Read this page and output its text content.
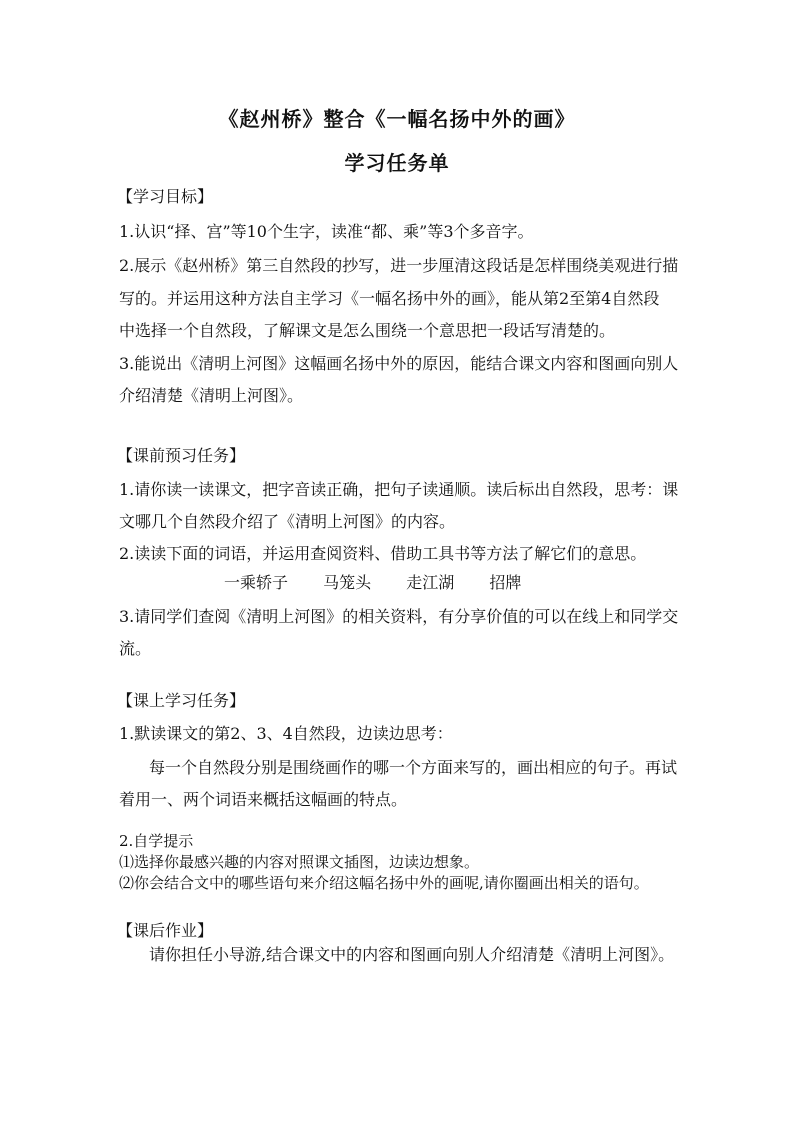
《赵州桥》整合《一幅名扬中外的画》
学习任务单
【学习目标】
1.认识“择、宫”等10个生字，读准“都、乘”等3个多音字。
2.展示《赵州桥》第三自然段的抄写，进一步厘清这段话是怎样围绕美观进行描
写的。并运用这种方法自主学习《一幅名扬中外的画》，能从第2至第4自然段
中选择一个自然段，了解课文是怎么围绕一个意思把一段话写清楚的。
3.能说出《清明上河图》这幅画名扬中外的原因，能结合课文内容和图画向别人
介绍清楚《清明上河图》。
【课前预习任务】
1.请你读一读课文，把字音读正确，把句子读通顺。读后标出自然段，思考：课
文哪几个自然段介绍了《清明上河图》的内容。
2.读读下面的词语，并运用查阅资料、借助工具书等方法了解它们的意思。
一乘轿子 马笼头 走江湖 招牌
3.请同学们查阅《清明上河图》的相关资料，有分享价值的可以在线上和同学交
流。
【课上学习任务】
1.默读课文的第2、3、4自然段，边读边思考：
每一个自然段分别是围绕画作的哪一个方面来写的，画出相应的句子。再试
着用一、两个词语来概括这幅画的特点。
2.自学提示
⑴选择你最感兴趣的内容对照课文插图，边读边想象。
⑵你会结合文中的哪些语句来介绍这幅名扬中外的画呢,请你圈画出相关的语句。
【课后作业】
请你担任小导游,结合课文中的内容和图画向别人介绍清楚《清明上河图》。
